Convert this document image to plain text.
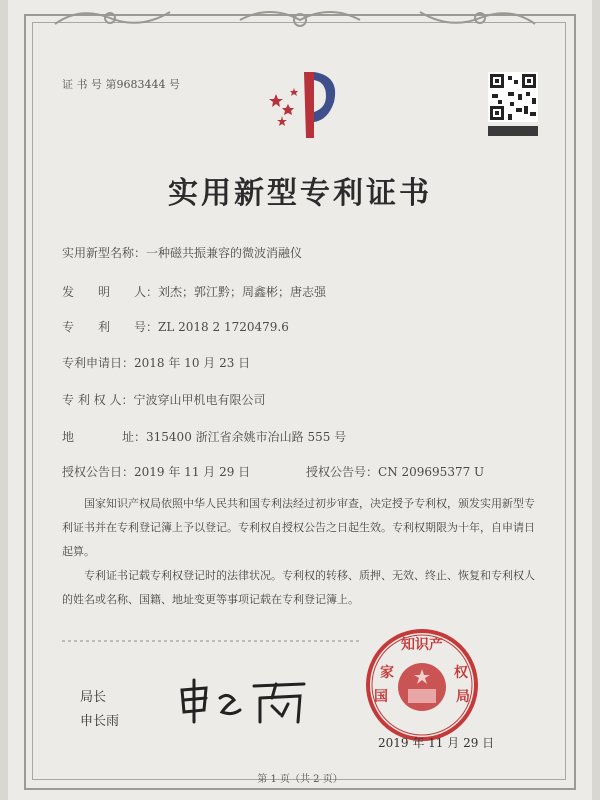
证 书 号 第9683444 号
实用新型专利证书
实用新型名称：一种磁共振兼容的微波消融仪
发　　明　　人：刘杰；郭江黔；周鑫彬；唐志强
专　　利　　号：ZL 2018 2 1720479.6
专利申请日：2018 年 10 月 23 日
专 利 权 人：宁波穿山甲机电有限公司
地　　　　址：315400 浙江省余姚市冶山路 555 号
授权公告日：2019 年 11 月 29 日	授权公告号：CN 209695377 U

国家知识产权局依照中华人民共和国专利法经过初步审查，决定授予专利权，颁发实用新型专利证书并在专利登记簿上予以登记。专利权自授权公告之日起生效。专利权期限为十年，自申请日起算。

专利证书记载专利权登记时的法律状况。专利权的转移、质押、无效、终止、恢复和专利权人的姓名或名称、国籍、地址变更等事项记载在专利登记簿上。

局长
申长雨
知识产
家
国
权
局
2019 年 11 月 29 日
第 1 页（共 2 页）
